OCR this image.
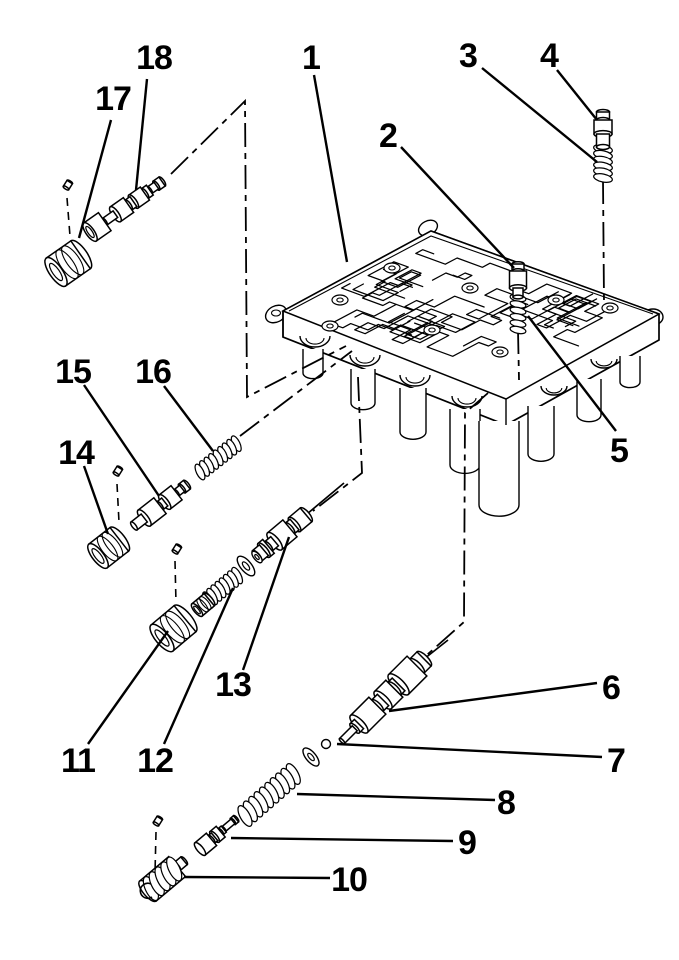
1
2
3 4
5
6
7
8
9
10
11 12
13
14
15 16
17
18
